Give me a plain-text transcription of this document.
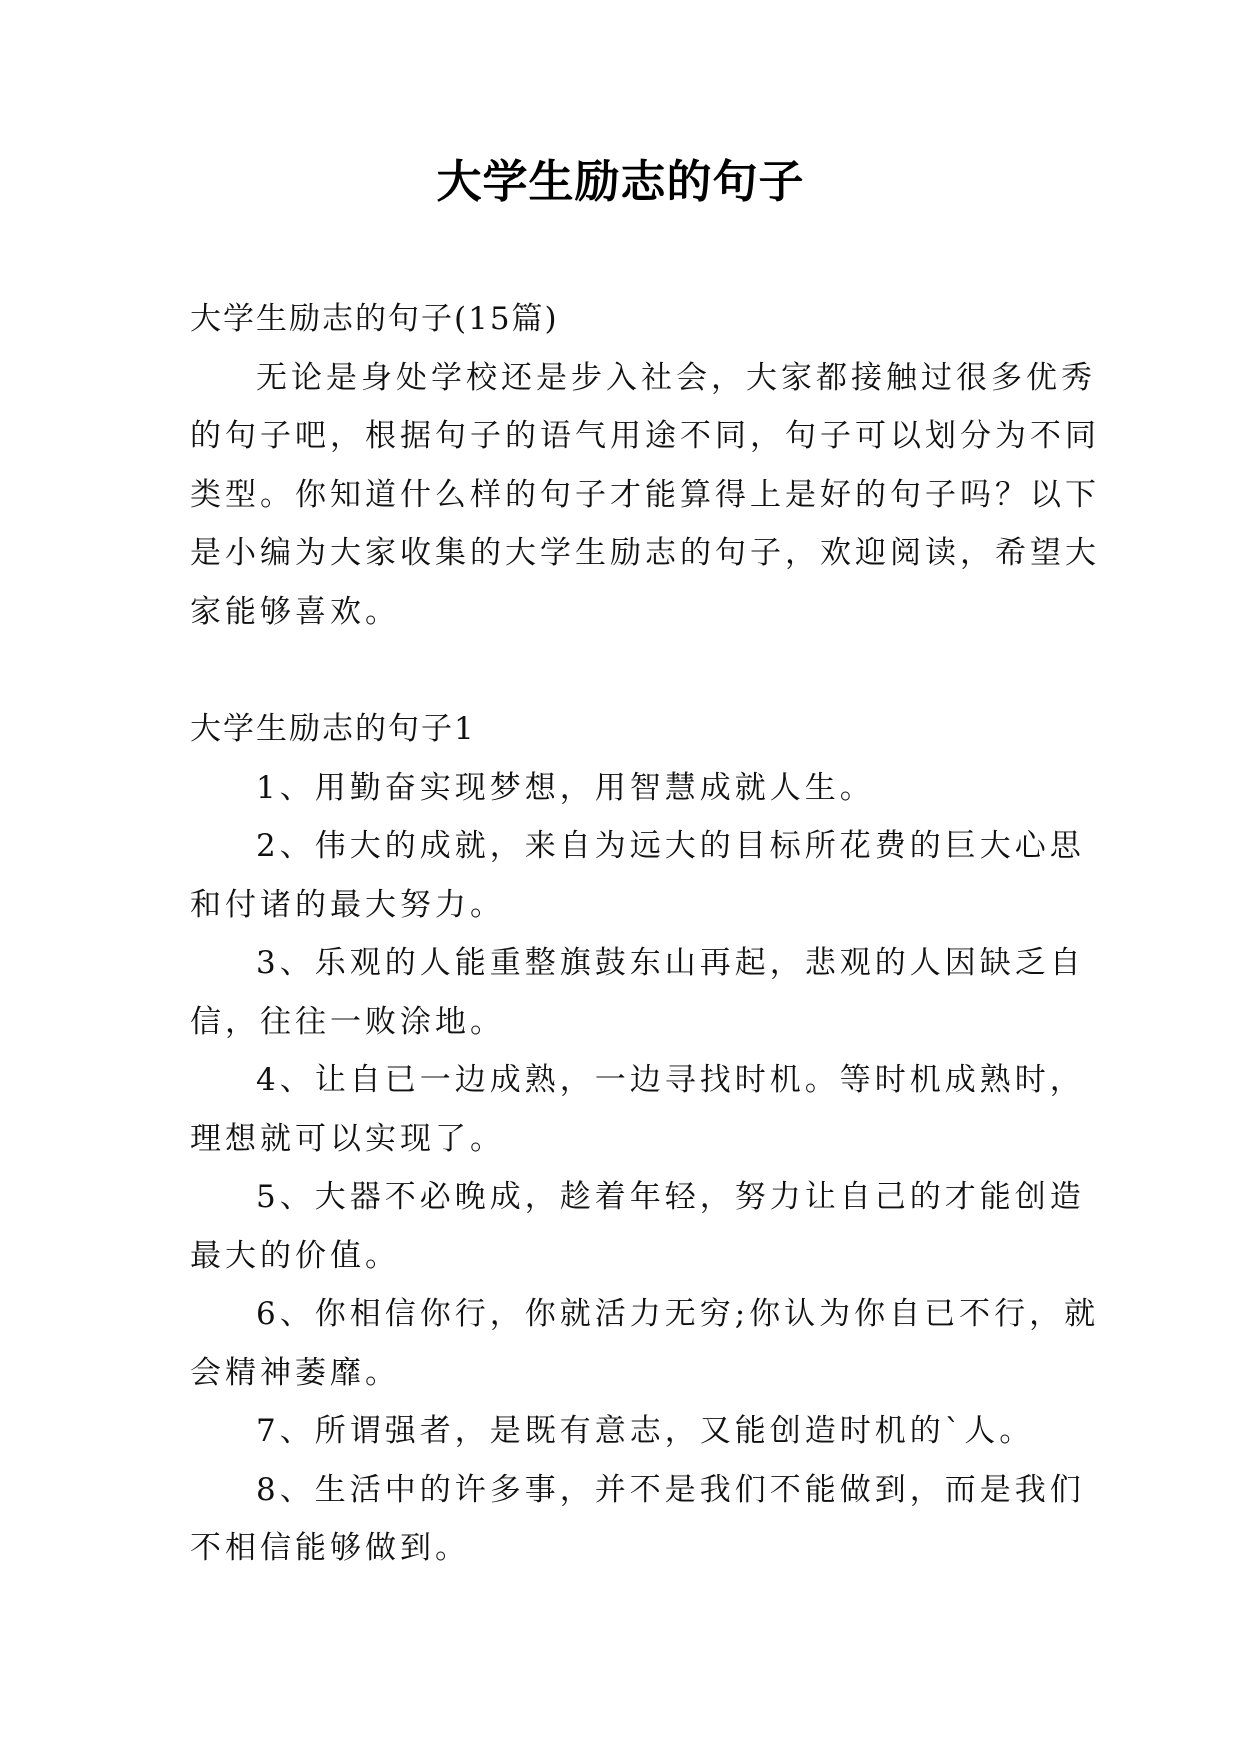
大学生励志的句子
大学生励志的句子(15篇)
无论是身处学校还是步入社会，大家都接触过很多优秀
的句子吧，根据句子的语气用途不同，句子可以划分为不同
类型。你知道什么样的句子才能算得上是好的句子吗？以下
是小编为大家收集的大学生励志的句子，欢迎阅读，希望大
家能够喜欢。
大学生励志的句子1
1、用勤奋实现梦想，用智慧成就人生。
2、伟大的成就，来自为远大的目标所花费的巨大心思
和付诸的最大努力。
3、乐观的人能重整旗鼓东山再起，悲观的人因缺乏自
信，往往一败涂地。
4、让自已一边成熟，一边寻找时机。等时机成熟时，
理想就可以实现了。
5、大器不必晚成，趁着年轻，努力让自己的才能创造
最大的价值。
6、你相信你行，你就活力无穷;你认为你自已不行，就
会精神萎靡。
7、所谓强者，是既有意志，又能创造时机的`人。
8、生活中的许多事，并不是我们不能做到，而是我们
不相信能够做到。
